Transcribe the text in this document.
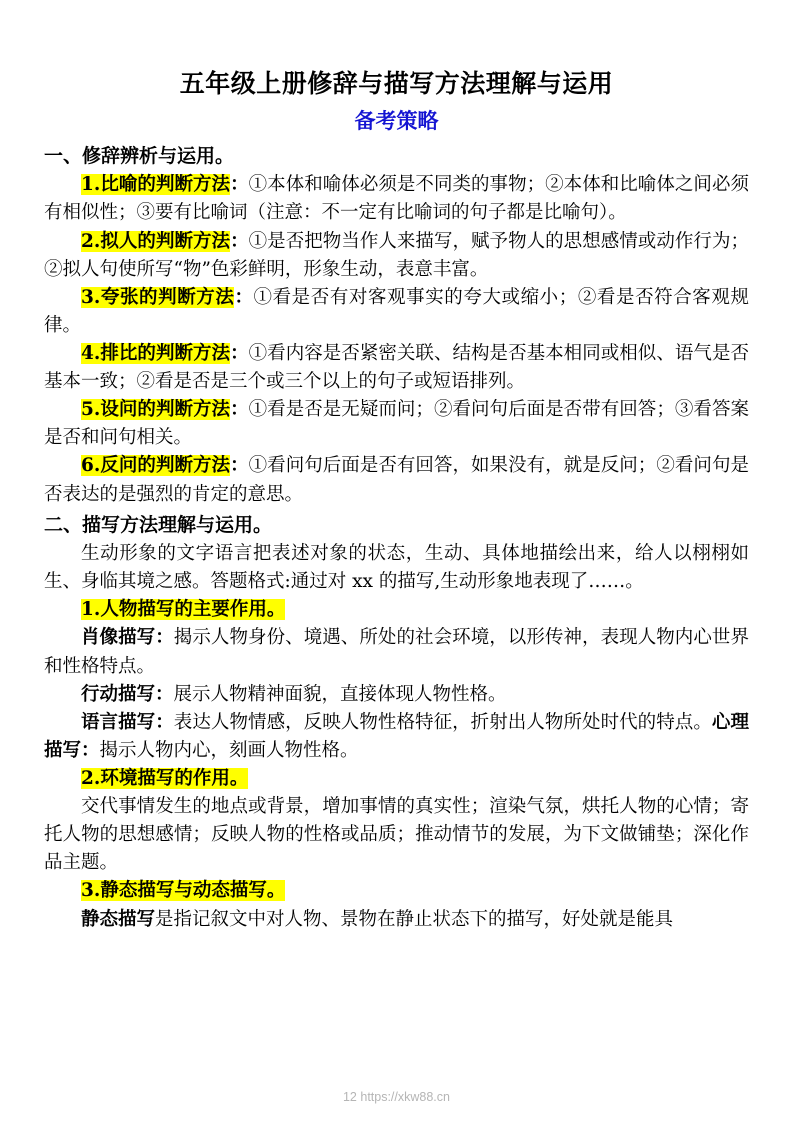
五年级上册修辞与描写方法理解与运用
备考策略
一、修辞辨析与运用。

1.比喻的判断方法：①本体和喻体必须是不同类的事物；②本体和比喻体之间必须有相似性；③要有比喻词（注意：不一定有比喻词的句子都是比喻句）。

2.拟人的判断方法：①是否把物当作人来描写，赋予物人的思想感情或动作行为；②拟人句使所写“物”色彩鲜明，形象生动，表意丰富。

3.夸张的判断方法：①看是否有对客观事实的夸大或缩小；②看是否符合客观规律。

4.排比的判断方法：①看内容是否紧密关联、结构是否基本相同或相似、语气是否基本一致；②看是否是三个或三个以上的句子或短语排列。

5.设问的判断方法：①看是否是无疑而问；②看问句后面是否带有回答；③看答案是否和问句相关。

6.反问的判断方法：①看问句后面是否有回答，如果没有，就是反问；②看问句是否表达的是强烈的肯定的意思。

二、描写方法理解与运用。

生动形象的文字语言把表述对象的状态，生动、具体地描绘出来，给人以栩栩如生、身临其境之感。答题格式:通过对 xx 的描写,生动形象地表现了……。

1.人物描写的主要作用。

肖像描写：揭示人物身份、境遇、所处的社会环境，以形传神，表现人物内心世界和性格特点。

行动描写：展示人物精神面貌，直接体现人物性格。

语言描写：表达人物情感，反映人物性格特征，折射出人物所处时代的特点。心理描写：揭示人物内心，刻画人物性格。

2.环境描写的作用。

交代事情发生的地点或背景，增加事情的真实性；渲染气氛，烘托人物的心情；寄托人物的思想感情；反映人物的性格或品质；推动情节的发展，为下文做铺垫；深化作品主题。

3.静态描写与动态描写。

静态描写是指记叙文中对人物、景物在静止状态下的描写，好处就是能具

12 https://xkw88.cn
